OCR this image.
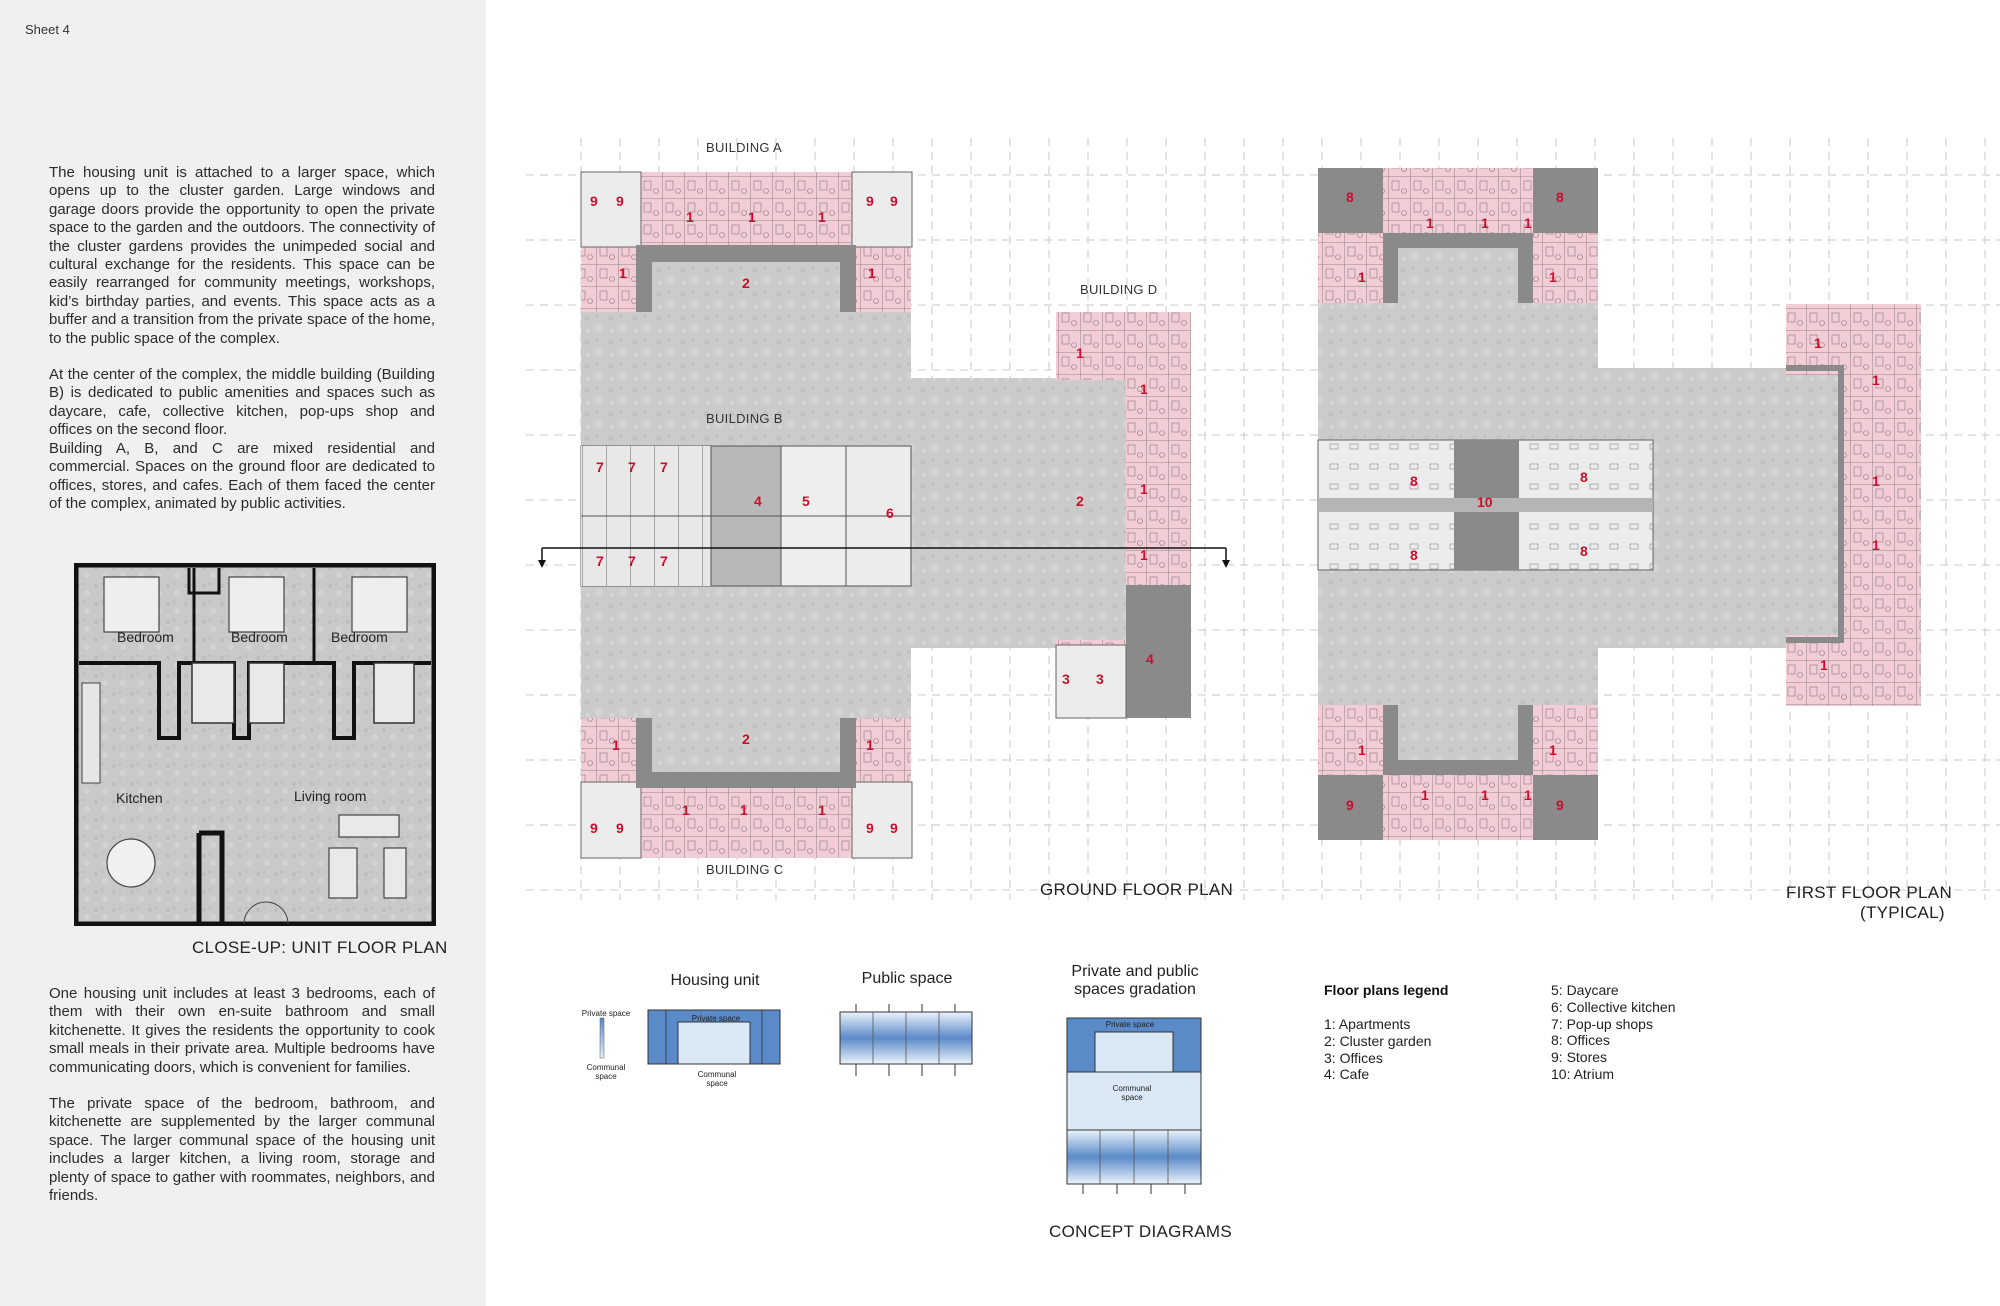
Sheet 4

The housing unit is attached to a larger space, which opens up to the cluster garden. Large windows and garage doors provide the opportunity to open the private space to the garden and the outdoors. The connectivity of the cluster gardens provides the unimpeded social and cultural exchange for the residents. This space can be easily rearranged for community meetings, workshops, kid’s birthday parties, and events. This space acts as a buffer and a transition from the private space of the home, to the public space of the complex.

At the center of the complex, the middle building (Building B) is dedicated to public amenities and spaces such as daycare, cafe, collective kitchen, pop-ups shop and offices on the second floor.

Building A, B, and C are mixed residential and commercial. Spaces on the ground floor are dedicated to offices, stores, and cafes. Each of them faced the center of the complex, animated by public activities.

Bedroom	Bedroom	Bedroom
Kitchen	Living room
CLOSE-UP: UNIT FLOOR PLAN

One housing unit includes at least 3 bedrooms, each of them with their own en-suite bathroom and small kitchenette. It gives the residents the opportunity to cook small meals in their private area. Multiple bedrooms have communicating doors, which is convenient for families.

The private space of the bedroom, bathroom, and kitchenette are supplemented by the larger communal space. The larger communal space of the housing unit includes a larger kitchen, a living room, storage and plenty of space to gather with roommates, neighbors, and friends.

9 9	9 9
1	1	1
1	1
2
7 7 7
7 7 7
4	5
6
1
1
1
1
2
4
3 3
2
1	1
1	1	1
9 9	9 9
8	8
1	1	1
1	1
8	8
10
8	8
1	1
1	1	1
9	9
1
1
1
1
1
BUILDING A
BUILDING B
BUILDING C
BUILDING D
GROUND FLOOR PLAN	FIRST FLOOR PLAN
(TYPICAL)
Housing unit	Public space	Private and public
spaces gradation
Private space
Communal
space
Private space
Communal
space
Private space
Communal
space
CONCEPT DIAGRAMS
Floor plans legend
1: Apartments
2: Cluster garden
3: Offices
4: Cafe
5: Daycare
6: Collective kitchen
7: Pop-up shops
8: Offices
9: Stores
10: Atrium
